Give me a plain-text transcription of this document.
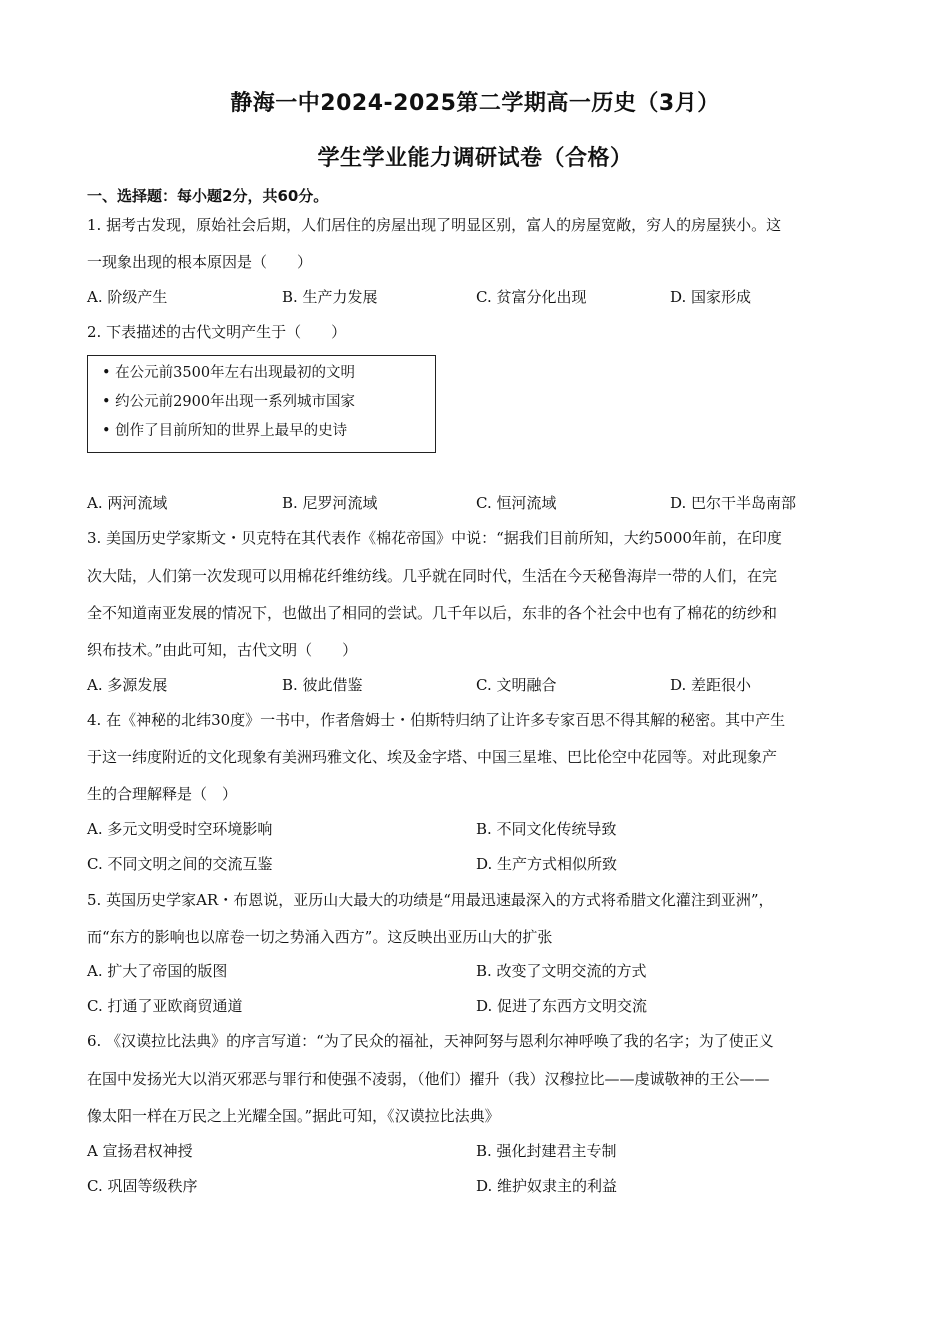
静海一中2024-2025第二学期高一历史（3月）
学生学业能力调研试卷（合格）
一、选择题：每小题2分，共60分。
1. 据考古发现，原始社会后期，人们居住的房屋出现了明显区别，富人的房屋宽敞，穷人的房屋狭小。这
一现象出现的根本原因是（　　）
A. 阶级产生	B. 生产力发展	C. 贫富分化出现	D. 国家形成
2. 下表描述的古代文明产生于（　　）
• 在公元前3500年左右出现最初的文明
• 约公元前2900年出现一系列城市国家
• 创作了目前所知的世界上最早的史诗
A. 两河流域	B. 尼罗河流域	C. 恒河流域	D. 巴尔干半岛南部
3. 美国历史学家斯文・贝克特在其代表作《棉花帝国》中说：“据我们目前所知，大约5000年前，在印度
次大陆，人们第一次发现可以用棉花纤维纺线。几乎就在同时代，生活在今天秘鲁海岸一带的人们，在完
全不知道南亚发展的情况下，也做出了相同的尝试。几千年以后，东非的各个社会中也有了棉花的纺纱和
织布技术。”由此可知，古代文明（　　）
A. 多源发展	B. 彼此借鉴	C. 文明融合	D. 差距很小
4. 在《神秘的北纬30度》一书中，作者詹姆士・伯斯特归纳了让许多专家百思不得其解的秘密。其中产生
于这一纬度附近的文化现象有美洲玛雅文化、埃及金字塔、中国三星堆、巴比伦空中花园等。对此现象产
生的合理解释是（　）
A. 多元文明受时空环境影响	B. 不同文化传统导致
C. 不同文明之间的交流互鉴	D. 生产方式相似所致
5. 英国历史学家AR・布恩说，亚历山大最大的功绩是“用最迅速最深入的方式将希腊文化灌注到亚洲”，
而“东方的影响也以席卷一切之势涌入西方”。这反映出亚历山大的扩张
A. 扩大了帝国的版图	B. 改变了文明交流的方式
C. 打通了亚欧商贸通道	D. 促进了东西方文明交流
6. 《汉谟拉比法典》的序言写道：“为了民众的福祉，天神阿努与恩利尔神呼唤了我的名字；为了使正义
在国中发扬光大以消灭邪恶与罪行和使强不凌弱，（他们）擢升（我）汉穆拉比——虔诚敬神的王公——
像太阳一样在万民之上光耀全国。”据此可知，《汉谟拉比法典》
A 宣扬君权神授	B. 强化封建君主专制
C. 巩固等级秩序	D. 维护奴隶主的利益
